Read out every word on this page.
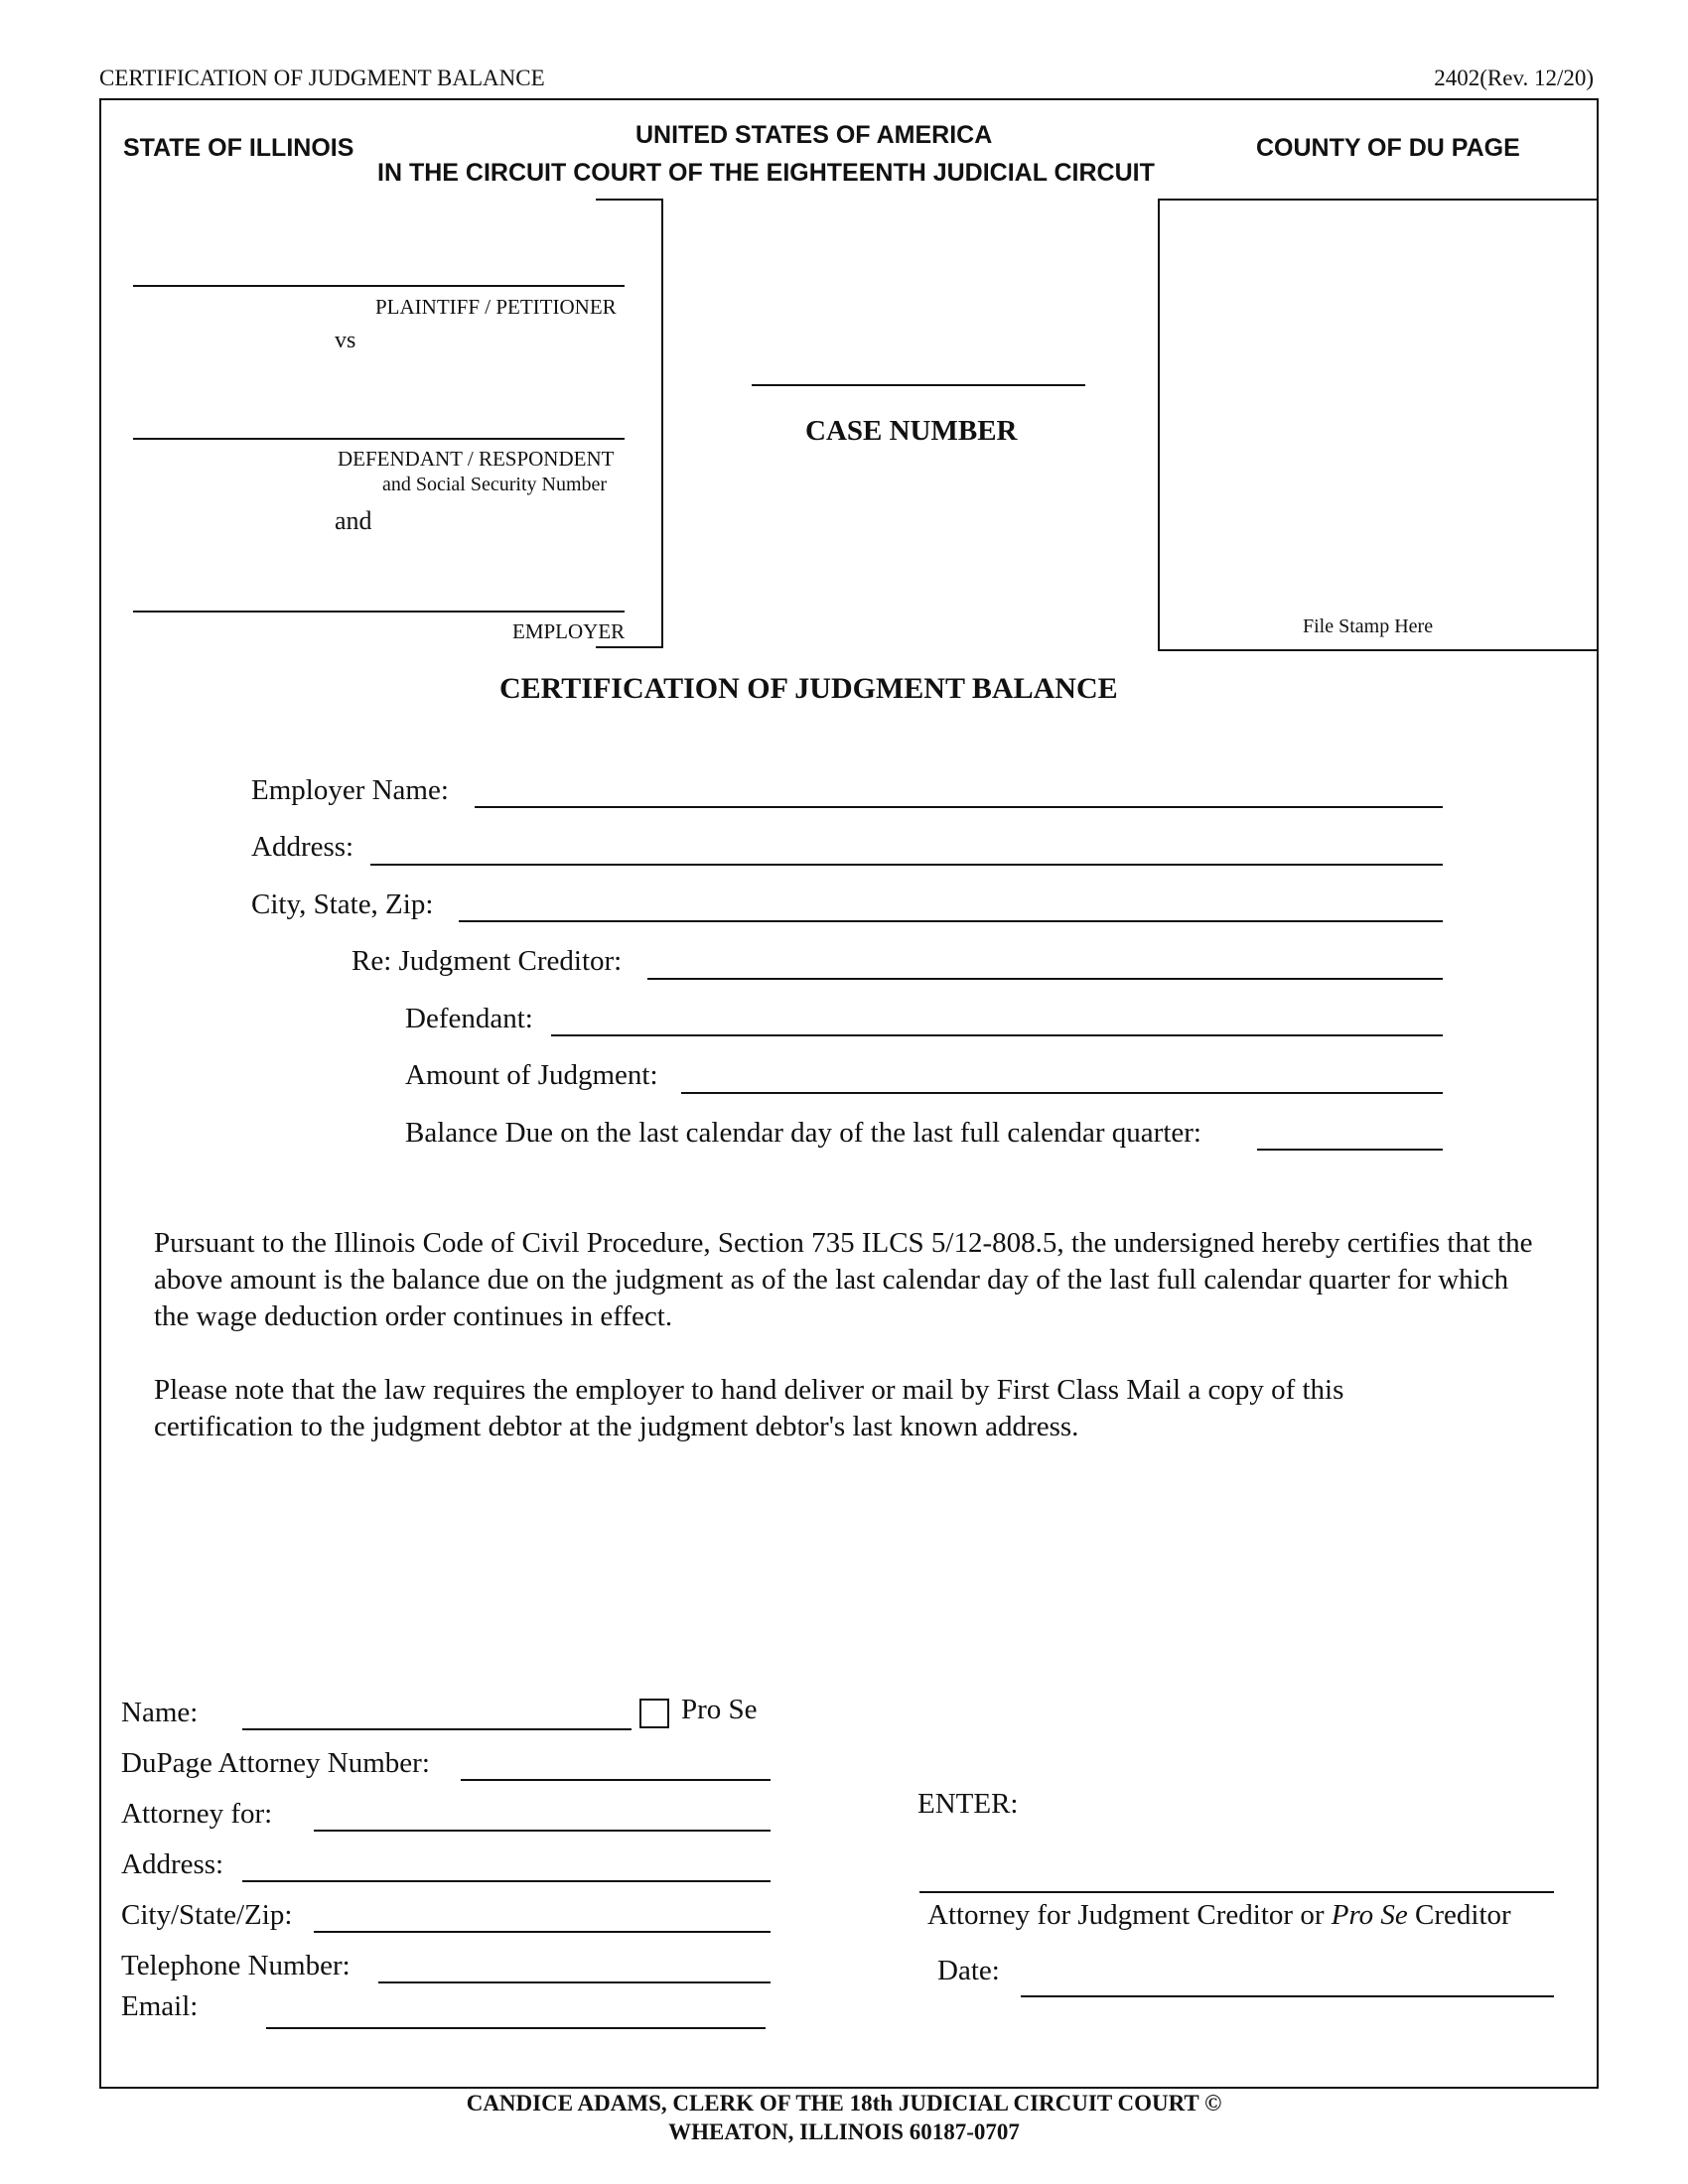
CERTIFICATION OF JUDGMENT BALANCE	2402(Rev. 12/20)
STATE OF ILLINOIS	UNITED STATES OF AMERICA
IN THE CIRCUIT COURT OF THE EIGHTEENTH JUDICIAL CIRCUIT
COUNTY OF DU PAGE
PLAINTIFF / PETITIONER
vs
DEFENDANT / RESPONDENT
and Social Security Number
and
EMPLOYER
CASE NUMBER
File Stamp Here
CERTIFICATION OF JUDGMENT BALANCE
Employer Name:
Address:
City, State, Zip:
Re: Judgment Creditor:
Defendant:
Amount of Judgment:
Balance Due on the last calendar day of the last full calendar quarter:
Pursuant to the Illinois Code of Civil Procedure, Section 735 ILCS 5/12-808.5, the undersigned hereby certifies that the above amount is the balance due on the judgment as of the last calendar day of the last full calendar quarter for which the wage deduction order continues in effect.
Please note that the law requires the employer to hand deliver or mail by First Class Mail a copy of this certification to the judgment debtor at the judgment debtor's last known address.
Name:	Pro Se
DuPage Attorney Number:
Attorney for:
Address:
City/State/Zip:
Telephone Number:
Email:
ENTER:
Attorney for Judgment Creditor or Pro Se Creditor
Date:
CANDICE ADAMS, CLERK OF THE 18th JUDICIAL CIRCUIT COURT ©
WHEATON, ILLINOIS 60187-0707
